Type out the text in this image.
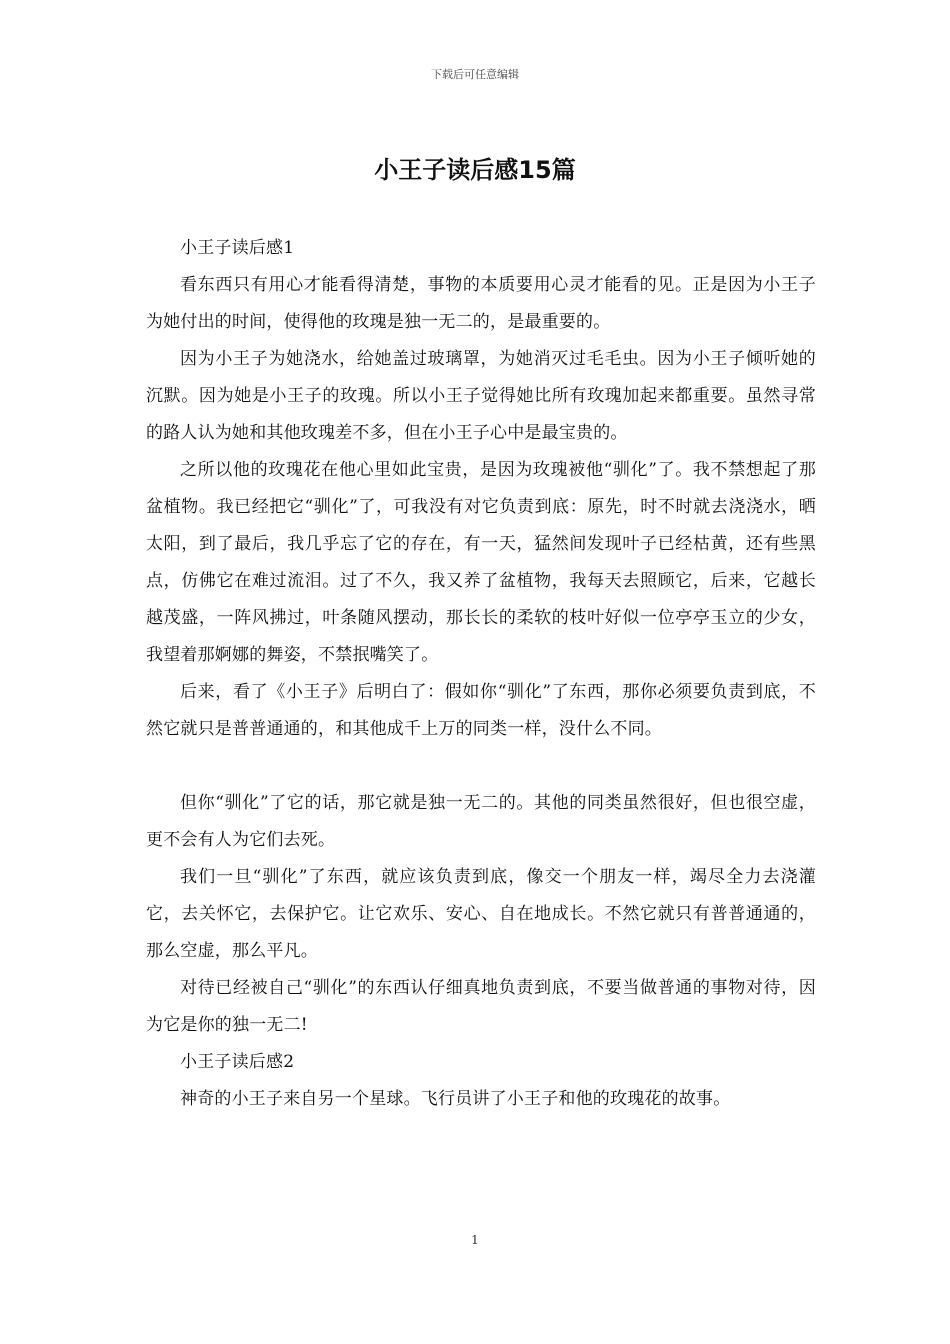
下载后可任意编辑
小王子读后感15篇

小王子读后感1

看东西只有用心才能看得清楚，事物的本质要用心灵才能看的见。正是因为小王子为她付出的时间，使得他的玫瑰是独一无二的，是最重要的。

因为小王子为她浇水，给她盖过玻璃罩，为她消灭过毛毛虫。因为小王子倾听她的沉默。因为她是小王子的玫瑰。所以小王子觉得她比所有玫瑰加起来都重要。虽然寻常的路人认为她和其他玫瑰差不多，但在小王子心中是最宝贵的。

之所以他的玫瑰花在他心里如此宝贵，是因为玫瑰被他“驯化”了。我不禁想起了那盆植物。我已经把它“驯化”了，可我没有对它负责到底：原先，时不时就去浇浇水，晒太阳，到了最后，我几乎忘了它的存在，有一天，猛然间发现叶子已经枯黄，还有些黑点，仿佛它在难过流泪。过了不久，我又养了盆植物，我每天去照顾它，后来，它越长越茂盛，一阵风拂过，叶条随风摆动，那长长的柔软的枝叶好似一位亭亭玉立的少女，我望着那婀娜的舞姿，不禁抿嘴笑了。

后来，看了《小王子》后明白了：假如你“驯化”了东西，那你必须要负责到底，不然它就只是普普通通的，和其他成千上万的同类一样，没什么不同。

但你“驯化”了它的话，那它就是独一无二的。其他的同类虽然很好，但也很空虚，更不会有人为它们去死。

我们一旦“驯化”了东西，就应该负责到底，像交一个朋友一样，竭尽全力去浇灌它，去关怀它，去保护它。让它欢乐、安心、自在地成长。不然它就只有普普通通的，那么空虚，那么平凡。

对待已经被自己“驯化”的东西认仔细真地负责到底，不要当做普通的事物对待，因为它是你的独一无二!

小王子读后感2

神奇的小王子来自另一个星球。飞行员讲了小王子和他的玫瑰花的故事。

1
